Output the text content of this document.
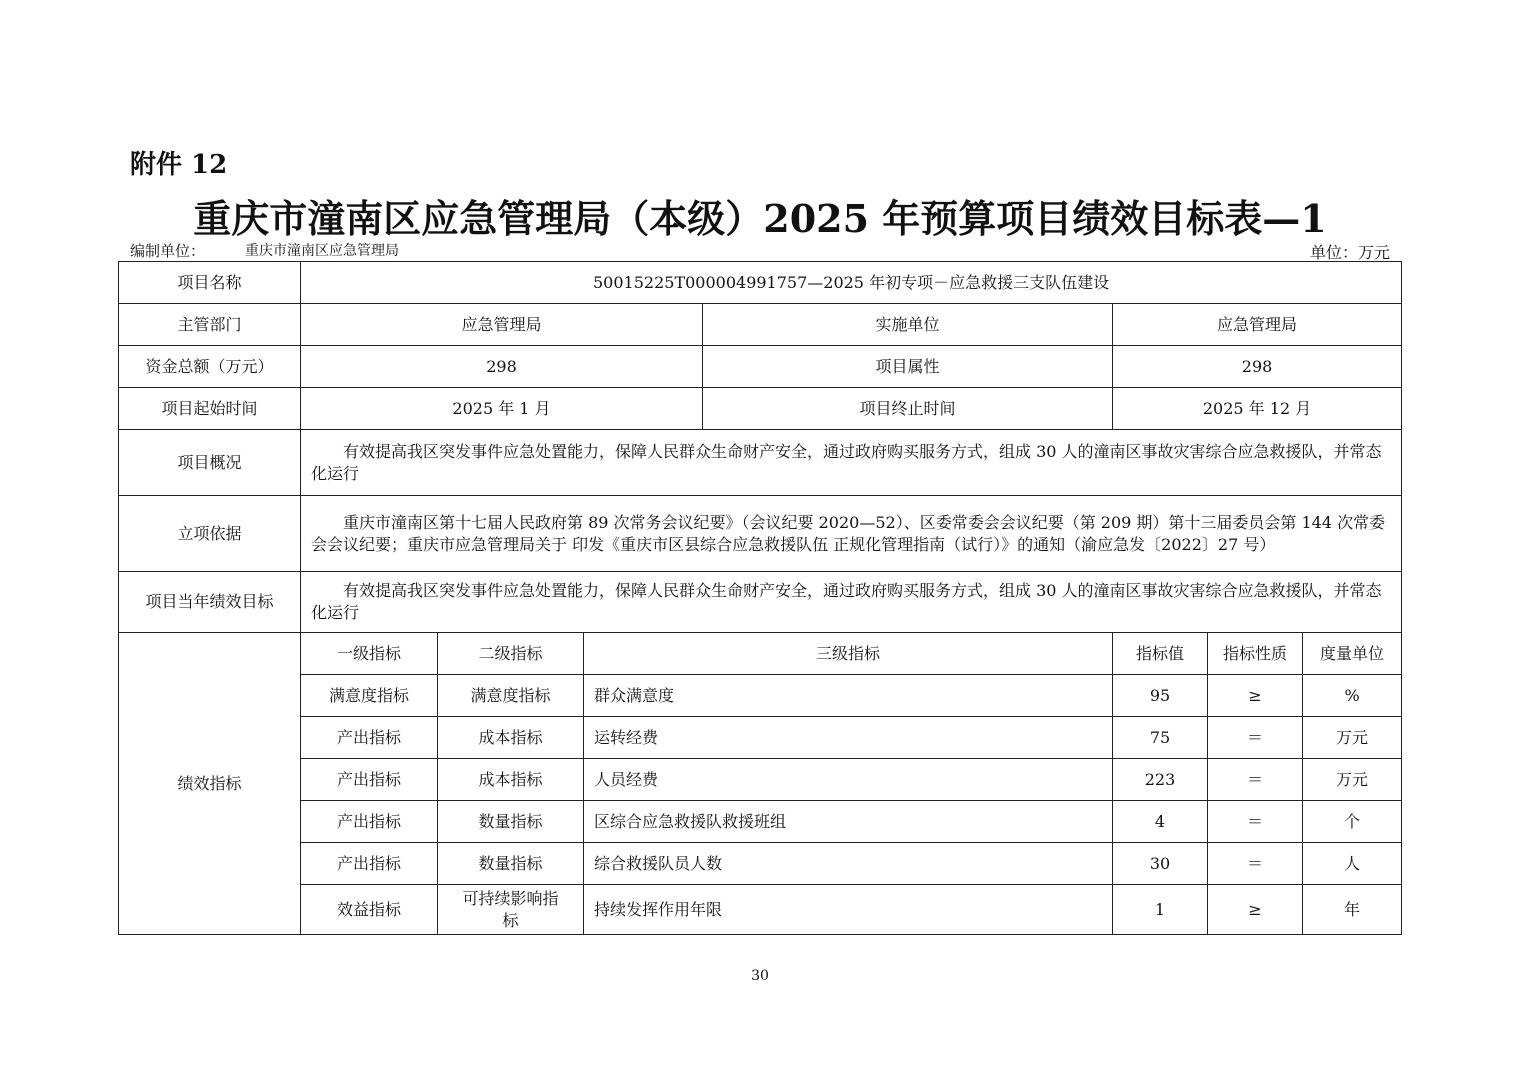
附件 12
重庆市潼南区应急管理局（本级）2025 年预算项目绩效目标表—1
编制单位：	重庆市潼南区应急管理局	单位：万元
项目名称	50015225T000004991757—2025 年初专项－应急救援三支队伍建设						
主管部门	应急管理局			实施单位	应急管理局		
资金总额（万元）	298			项目属性	298		
项目起始时间	2025 年 1 月			项目终止时间	2025 年 12 月		
项目概况	有效提高我区突发事件应急处置能力，保障人民群众生命财产安全，通过政府购买服务方式，组成 30 人的潼南区事故灾害综合应急救援队，并常态化运行						
立项依据	重庆市潼南区第十七届人民政府第 89 次常务会议纪要》（会议纪要 2020—52）、区委常委会会议纪要（第 209 期）第十三届委员会第 144 次常委会会议纪要；重庆市应急管理局关于 印发《重庆市区县综合应急救援队伍 正规化管理指南（试行）》的通知（渝应急发〔2022〕27 号）						
项目当年绩效目标	有效提高我区突发事件应急处置能力，保障人民群众生命财产安全，通过政府购买服务方式，组成 30 人的潼南区事故灾害综合应急救援队，并常态化运行						
绩效指标	一级指标	二级指标	三级指标		指标值	指标性质	度量单位
	满意度指标	满意度指标	群众满意度		95	≥	%
	产出指标	成本指标	运转经费		75	＝	万元
	产出指标	成本指标	人员经费		223	＝	万元
	产出指标	数量指标	区综合应急救援队救援班组		4	＝	个
	产出指标	数量指标	综合救援队员人数		30	＝	人
	效益指标	可持续影响指标	持续发挥作用年限		1	≥	年
30
